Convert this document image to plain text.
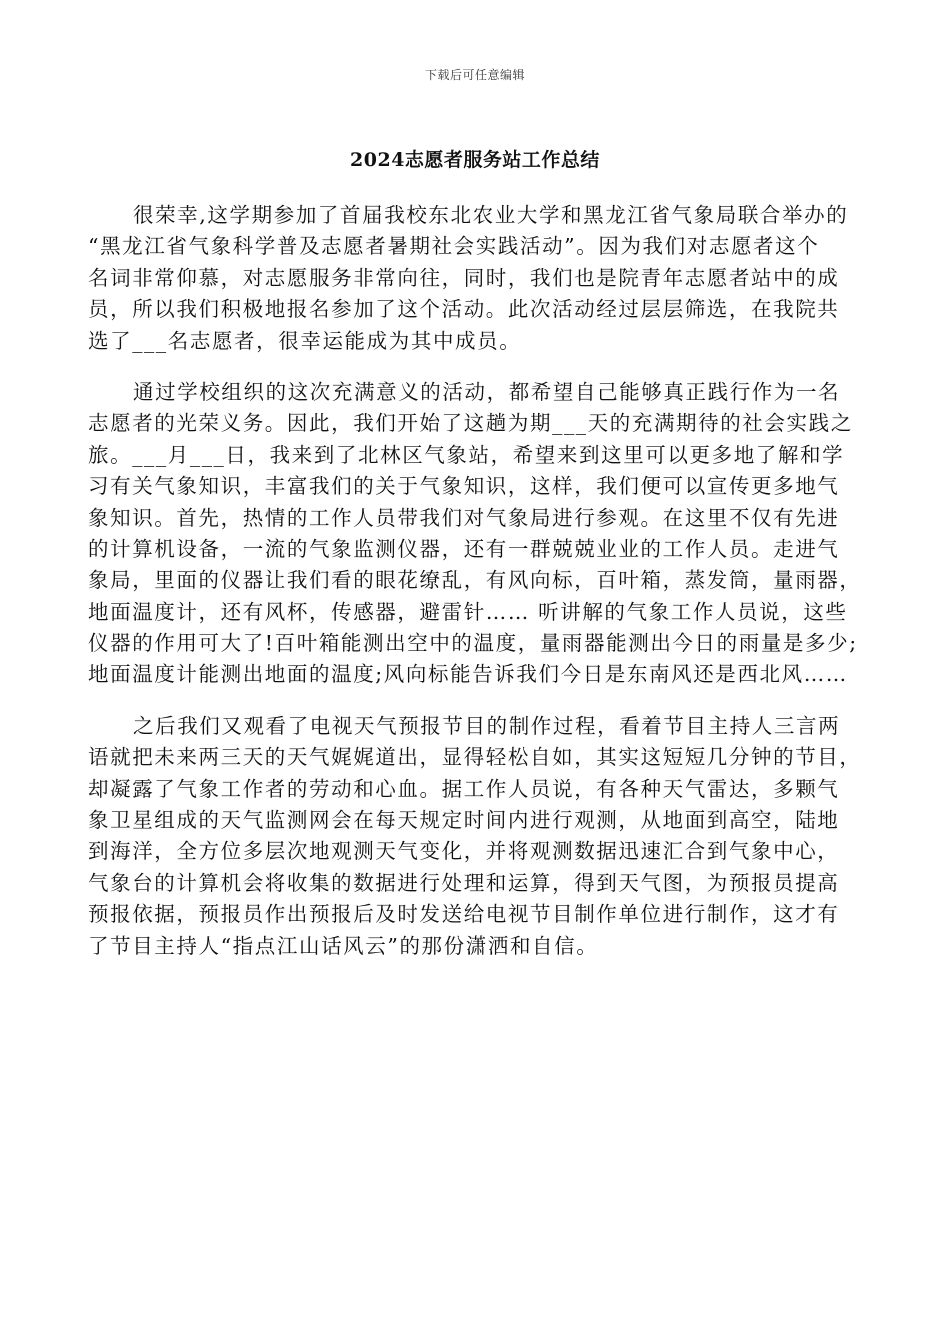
下载后可任意编辑
2024志愿者服务站工作总结

很荣幸,这学期参加了首届我校东北农业大学和黑龙江省气象局联合举办的
“黑龙江省气象科学普及志愿者暑期社会实践活动”。因为我们对志愿者这个
名词非常仰慕，对志愿服务非常向往，同时，我们也是院青年志愿者站中的成
员，所以我们积极地报名参加了这个活动。此次活动经过层层筛选，在我院共
选了___名志愿者，很幸运能成为其中成员。

通过学校组织的这次充满意义的活动，都希望自己能够真正践行作为一名
志愿者的光荣义务。因此，我们开始了这趟为期___天的充满期待的社会实践之
旅。___月___日，我来到了北林区气象站，希望来到这里可以更多地了解和学
习有关气象知识，丰富我们的关于气象知识，这样，我们便可以宣传更多地气
象知识。首先，热情的工作人员带我们对气象局进行参观。在这里不仅有先进
的计算机设备，一流的气象监测仪器，还有一群兢兢业业的工作人员。走进气
象局，里面的仪器让我们看的眼花缭乱，有风向标，百叶箱，蒸发筒，量雨器，
地面温度计，还有风杯，传感器，避雷针…… 听讲解的气象工作人员说，这些
仪器的作用可大了!百叶箱能测出空中的温度，量雨器能测出今日的雨量是多少;
地面温度计能测出地面的温度;风向标能告诉我们今日是东南风还是西北风……

之后我们又观看了电视天气预报节目的制作过程，看着节目主持人三言两
语就把未来两三天的天气娓娓道出，显得轻松自如，其实这短短几分钟的节目，
却凝露了气象工作者的劳动和心血。据工作人员说，有各种天气雷达，多颗气
象卫星组成的天气监测网会在每天规定时间内进行观测，从地面到高空，陆地
到海洋，全方位多层次地观测天气变化，并将观测数据迅速汇合到气象中心，
气象台的计算机会将收集的数据进行处理和运算，得到天气图，为预报员提高
预报依据，预报员作出预报后及时发送给电视节目制作单位进行制作，这才有
了节目主持人“指点江山话风云”的那份潇洒和自信。
